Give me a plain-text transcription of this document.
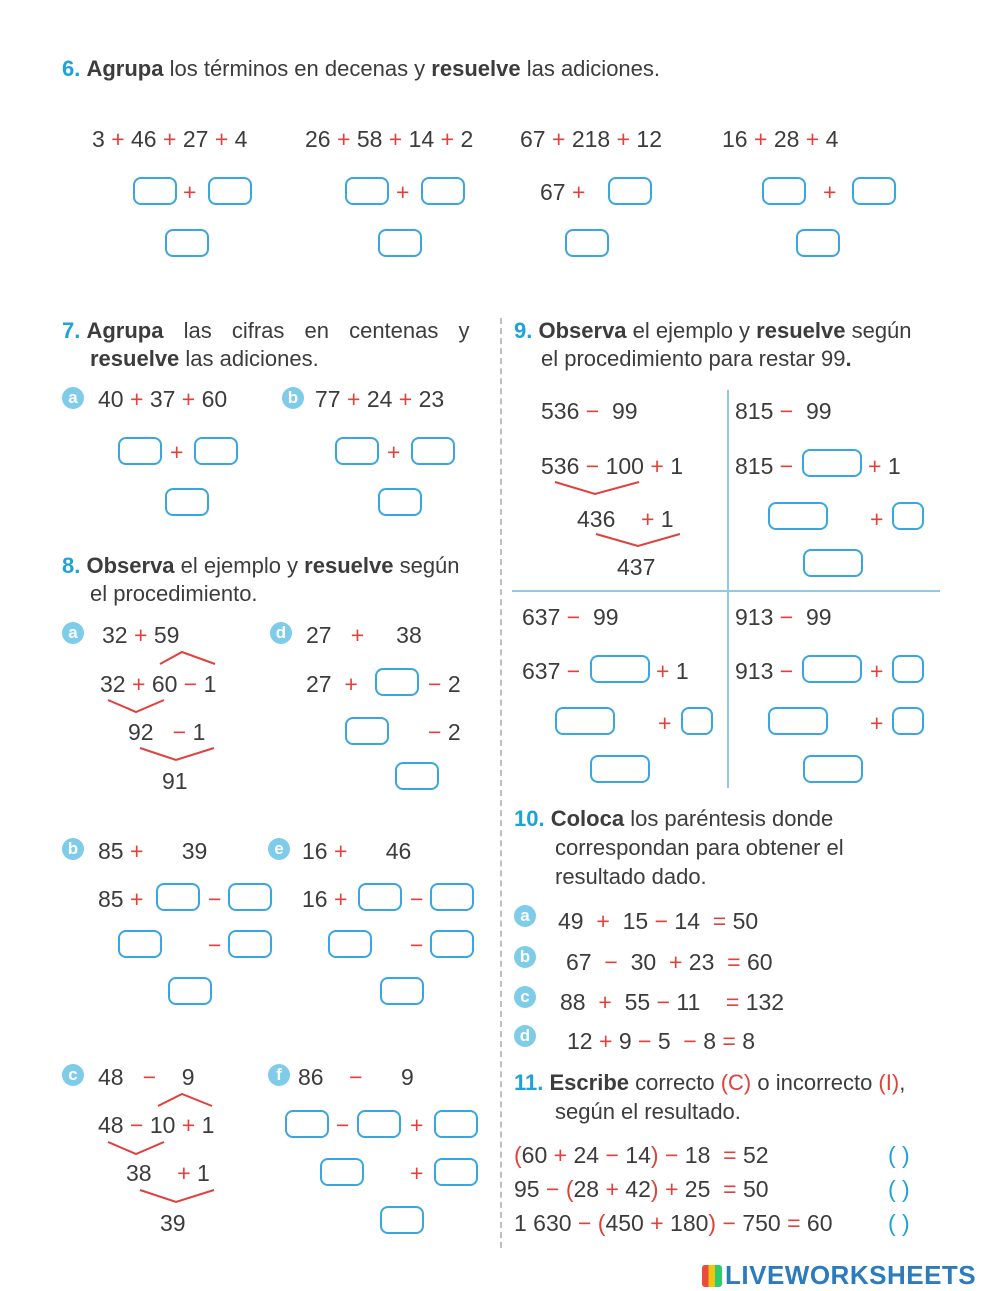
6. Agrupa los términos en decenas y resuelve las adiciones.
3 + 46 + 27 + 4	26 + 58 + 14 + 2 67 + 218 + 12	16 + 28 + 4
+	+	67 +	+
7. Agrupa las cifras en centenas y
resuelve las adiciones.
a 40 + 37 + 60	b 77 + 24 + 23
+	+
8. Observa el ejemplo y resuelve según
el procedimiento.
a 32 + 59
32 + 60 − 1
92 − 1
91
d 27 + 38
27 +	− 2
− 2
b 85 + 39
85 +	−
−
e 16 + 46
16 +	−
−
c 48 − 9
48 − 10 + 1
38 + 1
39
f 86 − 9
−	+
+
9. Observa el ejemplo y resuelve según
el procedimiento para restar 99.
536 − 99
536 − 100 + 1
436 + 1
437
815 − 99
815 −	+ 1
+
637 − 99
637 −	+ 1
+
913 − 99
913 −	+
+
10. Coloca los paréntesis donde
correspondan para obtener el
resultado dado.
a 49 + 15 − 14 = 50
b 67 − 30 + 23 = 60
c 88 + 55 − 11 = 132
d 12 + 9 − 5 − 8 = 8
11. Escribe correcto (C) o incorrecto (I),
según el resultado.
(60 + 24 − 14) − 18 = 52	( )
95 − (28 + 42) + 25 = 50	( )
1 630 − (450 + 180) − 750 = 60 ( )
LIVEWORKSHEETS
